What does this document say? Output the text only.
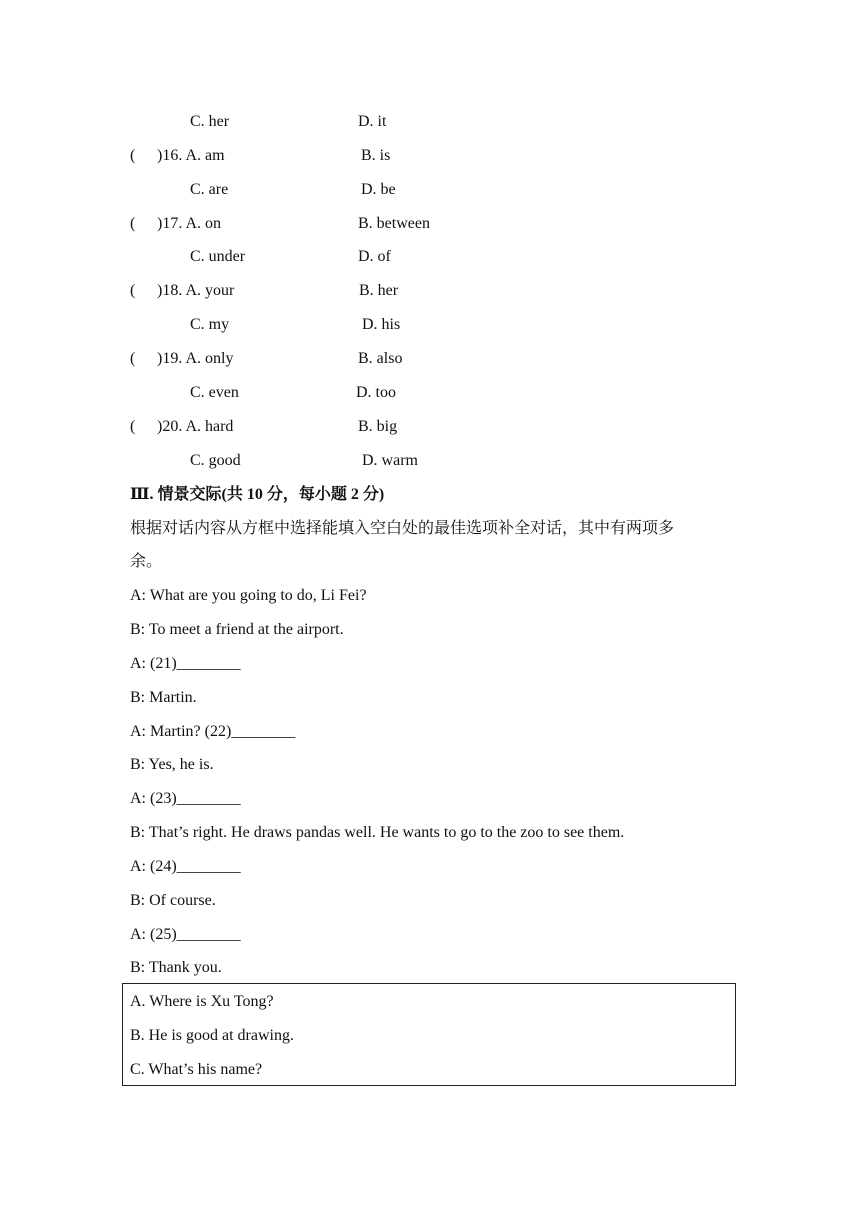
C. her	D. it
( )16. A. am	B. is
C. are	D. be
( )17. A. on	B. between
C. under	D. of
( )18. A. your	B. her
C. my	D. his
( )19. A. only	B. also
C. even	D. too
( )20. A. hard	B. big
C. good	D. warm
Ⅲ. 情景交际(共 10 分，每小题 2 分)
根据对话内容从方框中选择能填入空白处的最佳选项补全对话，其中有两项多
余。
A: What are you going to do, Li Fei?
B: To meet a friend at the airport.
A: (21)________
B: Martin.
A: Martin? (22)________
B: Yes, he is.
A: (23)________
B: That’s right. He draws pandas well. He wants to go to the zoo to see them.
A: (24)________
B: Of course.
A: (25)________
B: Thank you.
A. Where is Xu Tong?
B. He is good at drawing.
C. What’s his name?
